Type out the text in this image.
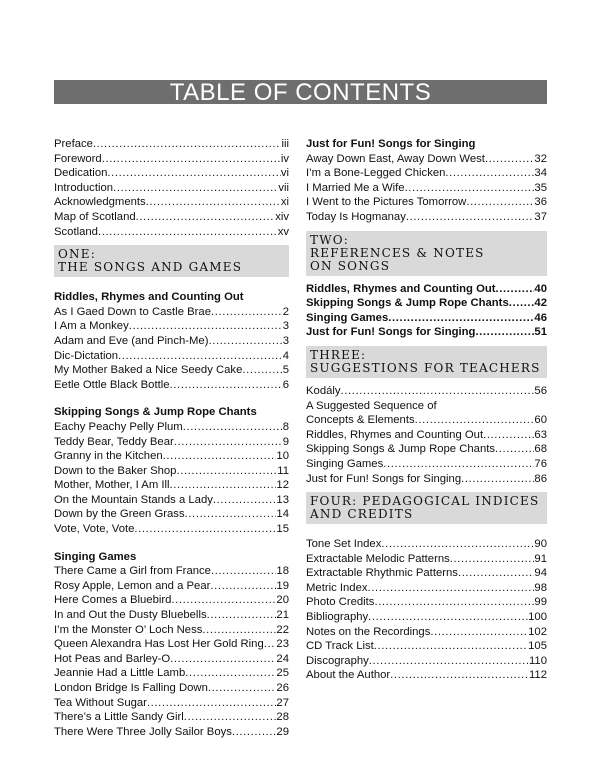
TABLE OF CONTENTS
Preface .....	iii
Foreword .....	iv
Dedication .....	vi
Introduction .....	vii
Acknowledgments .....	xi
Map of Scotland .....	xiv
Scotland .....	xv
ONE:
THE SONGS AND GAMES
Riddles, Rhymes and Counting Out
As I Gaed Down to Castle Brae .....	2
I Am a Monkey .....	3
Adam and Eve (and Pinch-Me) .....	3
Dic-Dictation .....	4
My Mother Baked a Nice Seedy Cake .....	5
Eetle Ottle Black Bottle .....	6
Skipping Songs & Jump Rope Chants
Eachy Peachy Pelly Plum .....	8
Teddy Bear, Teddy Bear .....	9
Granny in the Kitchen .....	10
Down to the Baker Shop .....	11
Mother, Mother, I Am Ill .....	12
On the Mountain Stands a Lady .....	13
Down by the Green Grass .....	14
Vote, Vote, Vote .....	15
Singing Games
There Came a Girl from France .....	18
Rosy Apple, Lemon and a Pear .....	19
Here Comes a Bluebird .....	20
In and Out the Dusty Bluebells .....	21
I’m the Monster O’ Loch Ness .....	22
Queen Alexandra Has Lost Her Gold Ring ..... 23
Hot Peas and Barley-O .....	24
Jeannie Had a Little Lamb .....	25
London Bridge Is Falling Down .....	26
Tea Without Sugar .....	27
There’s a Little Sandy Girl .....	28
There Were Three Jolly Sailor Boys .....	29
Just for Fun! Songs for Singing
Away Down East, Away Down West .....	32
I’m a Bone-Legged Chicken .....	34
I Married Me a Wife .....	35
I Went to the Pictures Tomorrow .....	36
Today Is Hogmanay .....	37
TWO:
REFERENCES & NOTES
ON SONGS
Riddles, Rhymes and Counting Out .....	40
Skipping Songs & Jump Rope Chants ..... 42
Singing Games .....	46
Just for Fun! Songs for Singing .....	51
THREE:
SUGGESTIONS FOR TEACHERS
Kodály .....	56
A Suggested Sequence of
Concepts & Elements .....	60
Riddles, Rhymes and Counting Out .....	63
Skipping Songs & Jump Rope Chants .....	68
Singing Games .....	76
Just for Fun! Songs for Singing .....	86
FOUR: PEDAGOGICAL INDICES
AND CREDITS
Tone Set Index .....	90
Extractable Melodic Patterns .....	91
Extractable Rhythmic Patterns .....	94
Metric Index .....	98
Photo Credits .....	99
Bibliography .....	100
Notes on the Recordings .....	102
CD Track List .....	105
Discography .....	110
About the Author .....	112
